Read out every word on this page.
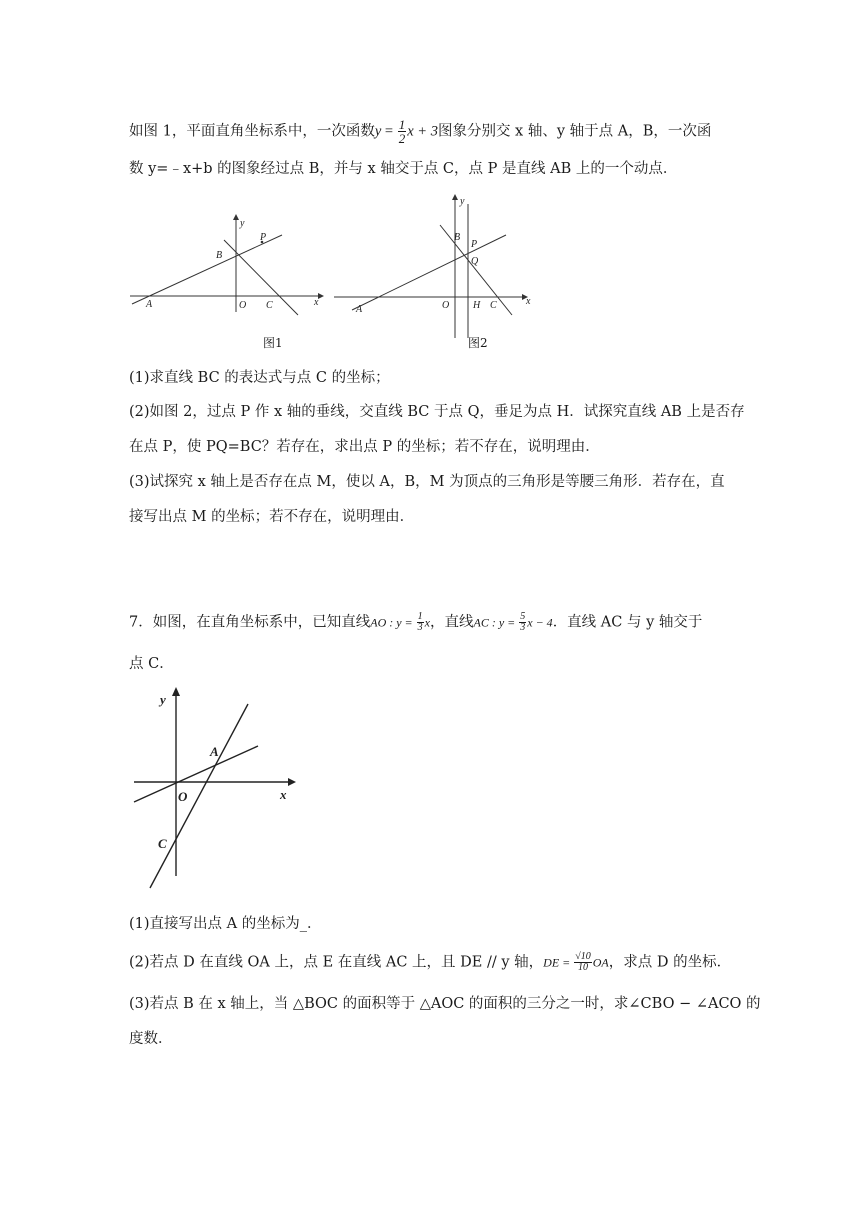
如图 1，平面直角坐标系中，一次函数$y = \frac{1}{2}$ x + 3图象分别交 x 轴、y 轴于点 A，B，一次函
数 y=﹣x+b 的图象经过点 B，并与 x 轴交于点 C，点 P 是直线 AB 上的一个动点．
y
x
B
P
A	O C
图1
y
x
B
P
Q
A	O H C
图2
(1)求直线 BC 的表达式与点 C 的坐标；
(2)如图 2，过点 P 作 x 轴的垂线，交直线 BC 于点 Q，垂足为点 H．试探究直线 AB 上是否存
在点 P，使 PQ=BC？若存在，求出点 P 的坐标；若不存在，说明理由．
(3)试探究 x 轴上是否存在点 M，使以 A，B，M 为顶点的三角形是等腰三角形．若存在，直
接写出点 M 的坐标；若不存在，说明理由．
7．如图，在直角坐标系中，已知直线AO : $y = \frac{1}{3}$ x，直线AC : $y = \frac{5}{3}$ x − 4．直线 AC 与 y 轴交于
点 C．
y
x
A
O
C
(1)直接写出点 A 的坐标为_．
(2)若点 D 在直线 OA 上，点 E 在直线 AC 上，且 DE // y 轴，DE = $\frac{√10}{10}$ OA，求点 D 的坐标．
(3)若点 B 在 x 轴上，当 △BOC 的面积等于 △AOC 的面积的三分之一时，求∠CBO − ∠ACO 的
度数．
